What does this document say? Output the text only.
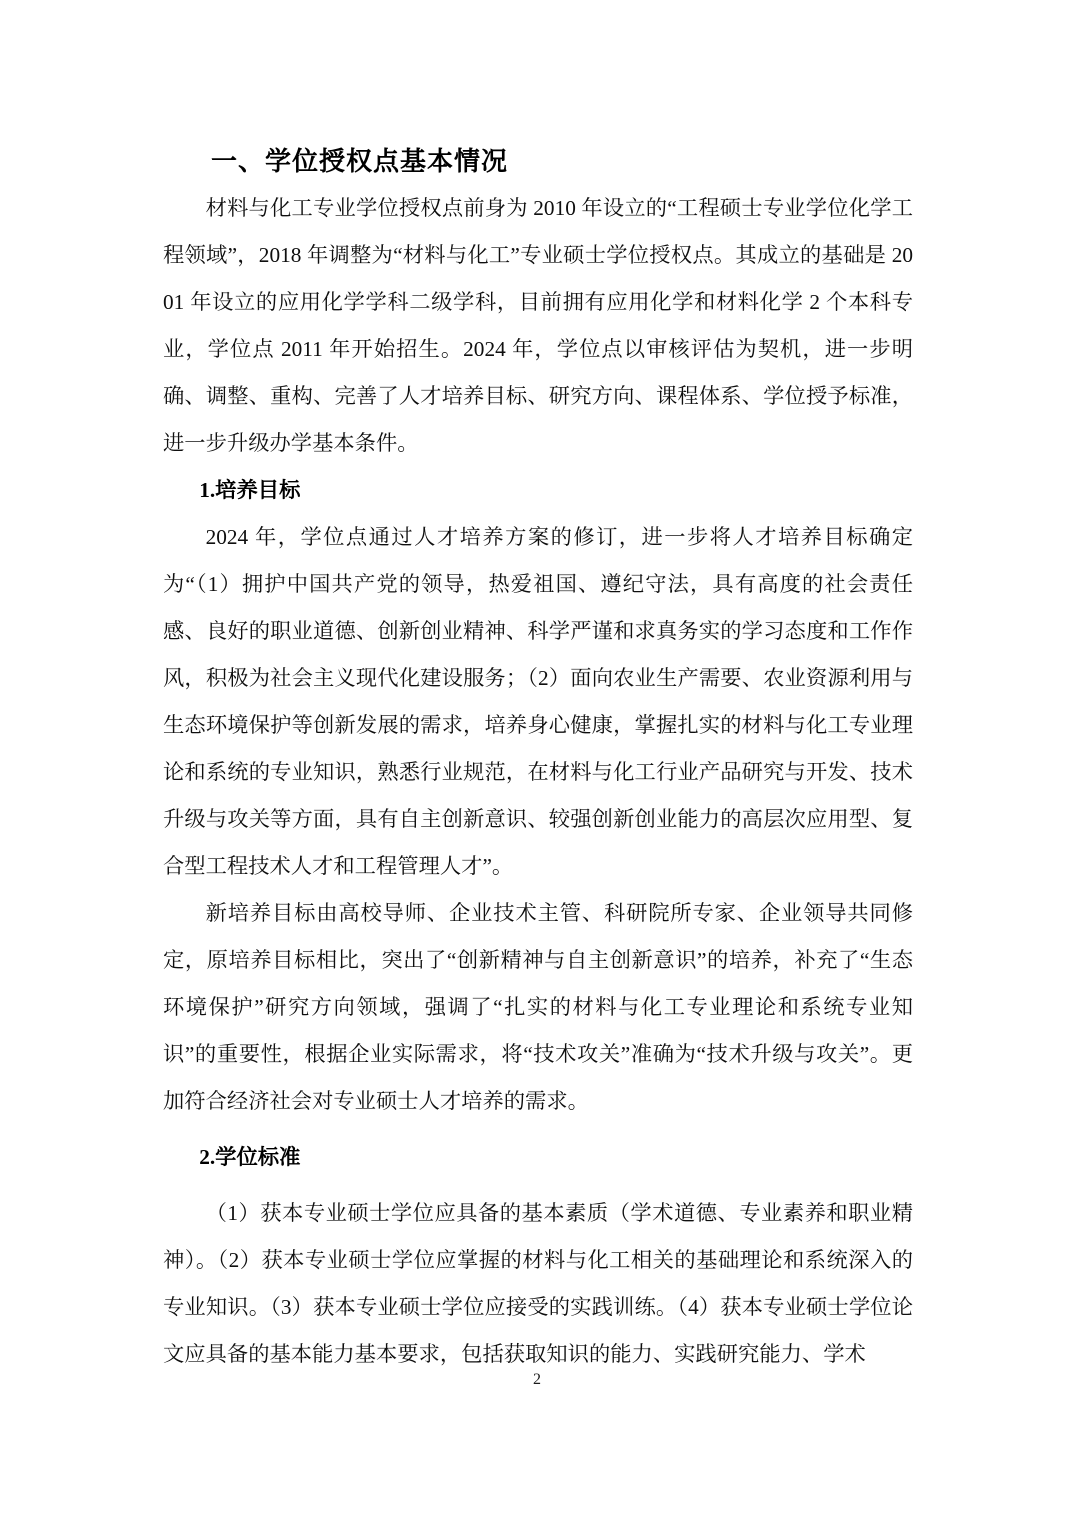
一、学位授权点基本情况

材料与化工专业学位授权点前身为 2010 年设立的“工程硕士专业学位化学工程领域”，2018 年调整为“材料与化工”专业硕士学位授权点。其成立的基础是 2001 年设立的应用化学学科二级学科，目前拥有应用化学和材料化学 2 个本科专业，学位点 2011 年开始招生。2024 年，学位点以审核评估为契机，进一步明确、调整、重构、完善了人才培养目标、研究方向、课程体系、学位授予标准，进一步升级办学基本条件。

1.培养目标

2024 年，学位点通过人才培养方案的修订，进一步将人才培养目标确定为“（1）拥护中国共产党的领导，热爱祖国、遵纪守法，具有高度的社会责任感、良好的职业道德、创新创业精神、科学严谨和求真务实的学习态度和工作作风，积极为社会主义现代化建设服务；（2）面向农业生产需要、农业资源利用与生态环境保护等创新发展的需求，培养身心健康，掌握扎实的材料与化工专业理论和系统的专业知识，熟悉行业规范，在材料与化工行业产品研究与开发、技术升级与攻关等方面，具有自主创新意识、较强创新创业能力的高层次应用型、复合型工程技术人才和工程管理人才”。

新培养目标由高校导师、企业技术主管、科研院所专家、企业领导共同修定，原培养目标相比，突出了“创新精神与自主创新意识”的培养，补充了“生态环境保护”研究方向领域，强调了“扎实的材料与化工专业理论和系统专业知识”的重要性，根据企业实际需求，将“技术攻关”准确为“技术升级与攻关”。更加符合经济社会对专业硕士人才培养的需求。

2.学位标准

（1）获本专业硕士学位应具备的基本素质（学术道德、专业素养和职业精神）。（2）获本专业硕士学位应掌握的材料与化工相关的基础理论和系统深入的专业知识。（3）获本专业硕士学位应接受的实践训练。（4）获本专业硕士学位论文应具备的基本能力基本要求，包括获取知识的能力、实践研究能力、学术

2
